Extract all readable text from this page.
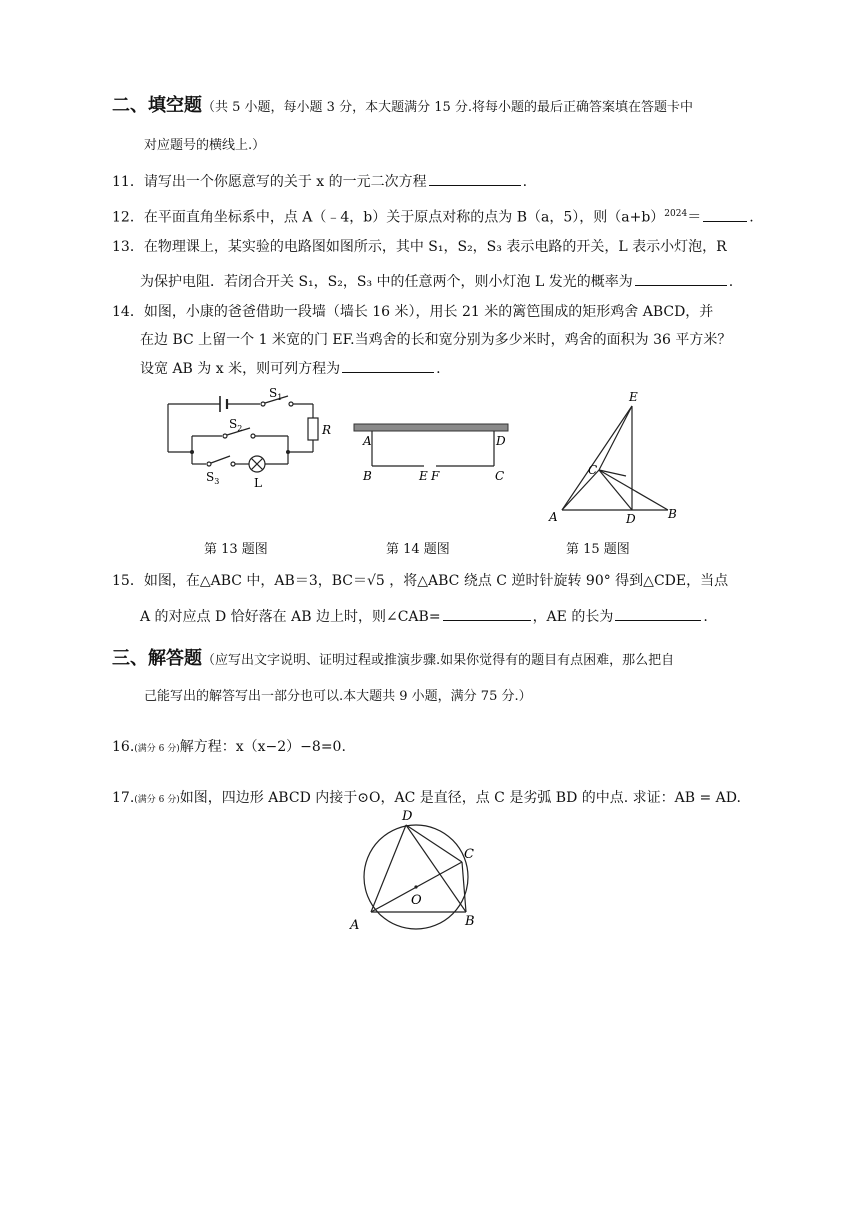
二、填空题（共 5 小题，每小题 3 分，本大题满分 15 分.将每小题的最后正确答案填在答题卡中
对应题号的横线上.）
11．请写出一个你愿意写的关于 x 的一元二次方程	.
12．在平面直角坐标系中，点 A（﹣4，b）关于原点对称的点为 B（a，5），则$(a+b)^{2024}=$	.
13．在物理课上，某实验的电路图如图所示，其中 S₁，S₂，S₃ 表示电路的开关，L 表示小灯泡，R
为保护电阻．若闭合开关 S₁，S₂，S₃ 中的任意两个，则小灯泡 L 发光的概率为	.
14．如图，小康的爸爸借助一段墙（墙长 16 米），用长 21 米的篱笆围成的矩形鸡舍 ABCD，并
在边 BC 上留一个 1 米宽的门 EF.当鸡舍的长和宽分别为多少米时，鸡舍的面积为 36 平方米？
设宽 AB 为 x 米，则可列方程为	.
$S_1$
$S_2$
$S_3$
R
L
A	D
B	E F	C
E
C
A	D	B
第 13 题图	第 14 题图	第 15 题图
15．如图，在△ABC 中，AB＝3，BC＝√5 ，将△ABC 绕点 C 逆时针旋转 90° 得到△CDE，当点
A 的对应点 D 恰好落在 AB 边上时，则∠CAB=	，AE 的长为	.
三、解答题（应写出文字说明、证明过程或推演步骤.如果你觉得有的题目有点困难，那么把自
己能写出的解答写出一部分也可以.本大题共 9 小题，满分 75 分.）
16.(满分 6 分)解方程：x（x−2）−8=0.
17.(满分 6 分)如图，四边形 ABCD 内接于⊙O，AC 是直径，点 C 是劣弧 BD 的中点. 求证：AB = AD.
D
C
O
A	B
